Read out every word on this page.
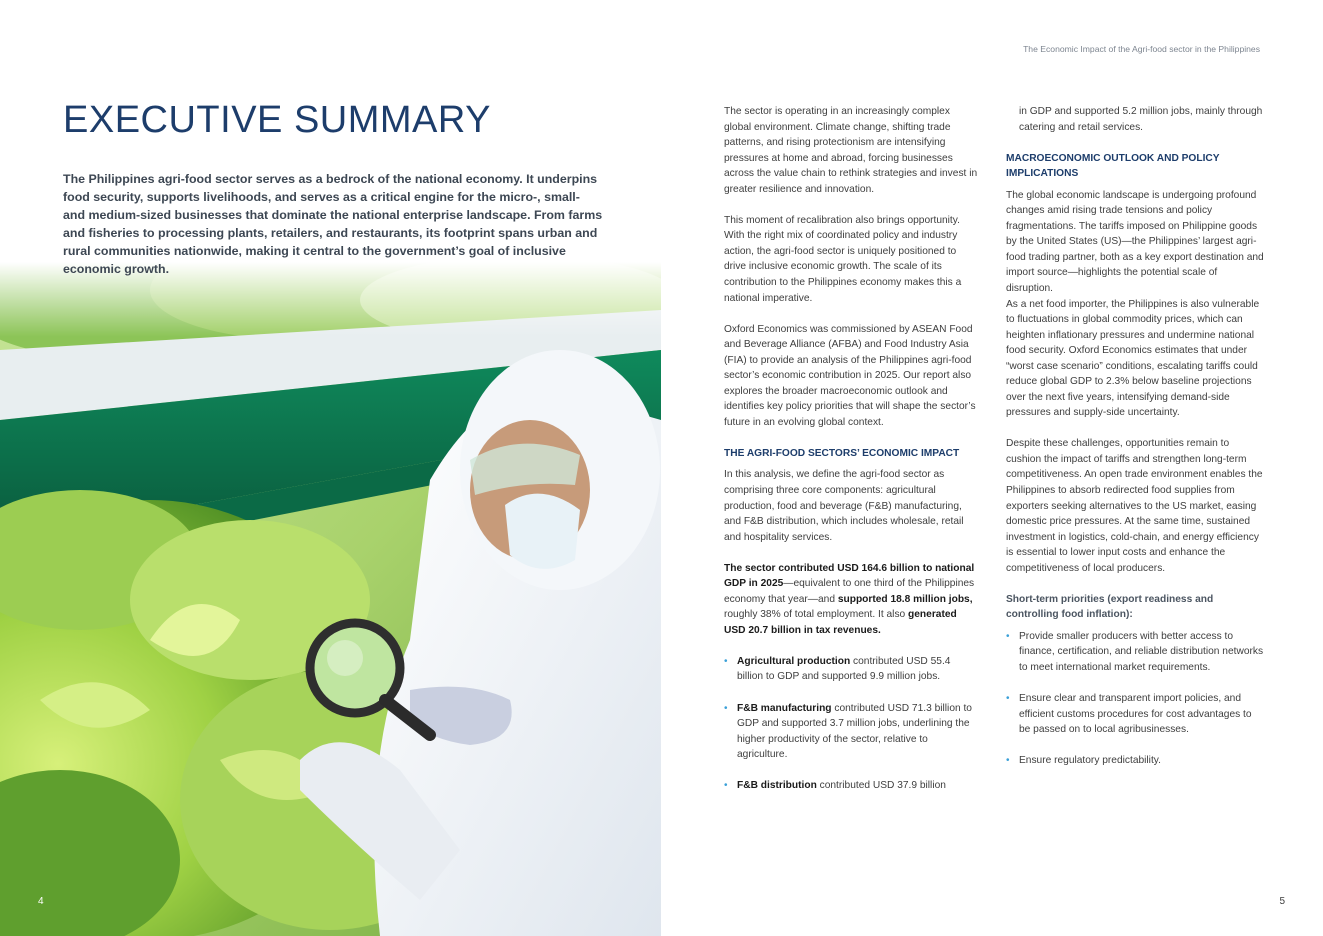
EXECUTIVE SUMMARY

The Philippines agri-food sector serves as a bedrock of the national economy. It underpins food security, supports livelihoods, and serves as a critical engine for the micro-, small- and medium-sized businesses that dominate the national enterprise landscape. From farms and fisheries to processing plants, retailers, and restaurants, its footprint spans urban and rural communities nationwide, making it central to the government’s goal of inclusive economic growth.

4
The Economic Impact of the Agri-food sector in the Philippines

The sector is operating in an increasingly complex global environment. Climate change, shifting trade patterns, and rising protectionism are intensifying pressures at home and abroad, forcing businesses across the value chain to rethink strategies and invest in greater resilience and innovation.

This moment of recalibration also brings opportunity. With the right mix of coordinated policy and industry action, the agri-food sector is uniquely positioned to drive inclusive economic growth. The scale of its contribution to the Philippines economy makes this a national imperative.

Oxford Economics was commissioned by ASEAN Food and Beverage Alliance (AFBA) and Food Industry Asia (FIA) to provide an analysis of the Philippines agri-food sector’s economic contribution in 2025. Our report also explores the broader macroeconomic outlook and identifies key policy priorities that will shape the sector’s future in an evolving global context.

THE AGRI-FOOD SECTORS’ ECONOMIC IMPACT

In this analysis, we define the agri-food sector as comprising three core components: agricultural production, food and beverage (F&B) manufacturing, and F&B distribution, which includes wholesale, retail and hospitality services.

The sector contributed USD 164.6 billion to national GDP in 2025—equivalent to one third of the Philippines economy that year—and supported 18.8 million jobs, roughly 38% of total employment. It also generated USD 20.7 billion in tax revenues.

• Agricultural production contributed USD 55.4 billion to GDP and supported 9.9 million jobs.
• F&B manufacturing contributed USD 71.3 billion to GDP and supported 3.7 million jobs, underlining the higher productivity of the sector, relative to agriculture.
• F&B distribution contributed USD 37.9 billion

in GDP and supported 5.2 million jobs, mainly through catering and retail services.

MACROECONOMIC OUTLOOK AND POLICY IMPLICATIONS

The global economic landscape is undergoing profound changes amid rising trade tensions and policy fragmentations. The tariffs imposed on Philippine goods by the United States (US)—the Philippines’ largest agri-food trading partner, both as a key export destination and import source—highlights the potential scale of disruption.

As a net food importer, the Philippines is also vulnerable to fluctuations in global commodity prices, which can heighten inflationary pressures and undermine national food security. Oxford Economics estimates that under “worst case scenario” conditions, escalating tariffs could reduce global GDP to 2.3% below baseline projections over the next five years, intensifying demand-side pressures and supply-side uncertainty.

Despite these challenges, opportunities remain to cushion the impact of tariffs and strengthen long-term competitiveness. An open trade environment enables the Philippines to absorb redirected food supplies from exporters seeking alternatives to the US market, easing domestic price pressures. At the same time, sustained investment in logistics, cold-chain, and energy efficiency is essential to lower input costs and enhance the competitiveness of local producers.

Short-term priorities (export readiness and controlling food inflation):
• Provide smaller producers with better access to finance, certification, and reliable distribution networks to meet international market requirements.
• Ensure clear and transparent import policies, and efficient customs procedures for cost advantages to be passed on to local agribusinesses.
• Ensure regulatory predictability.
5
